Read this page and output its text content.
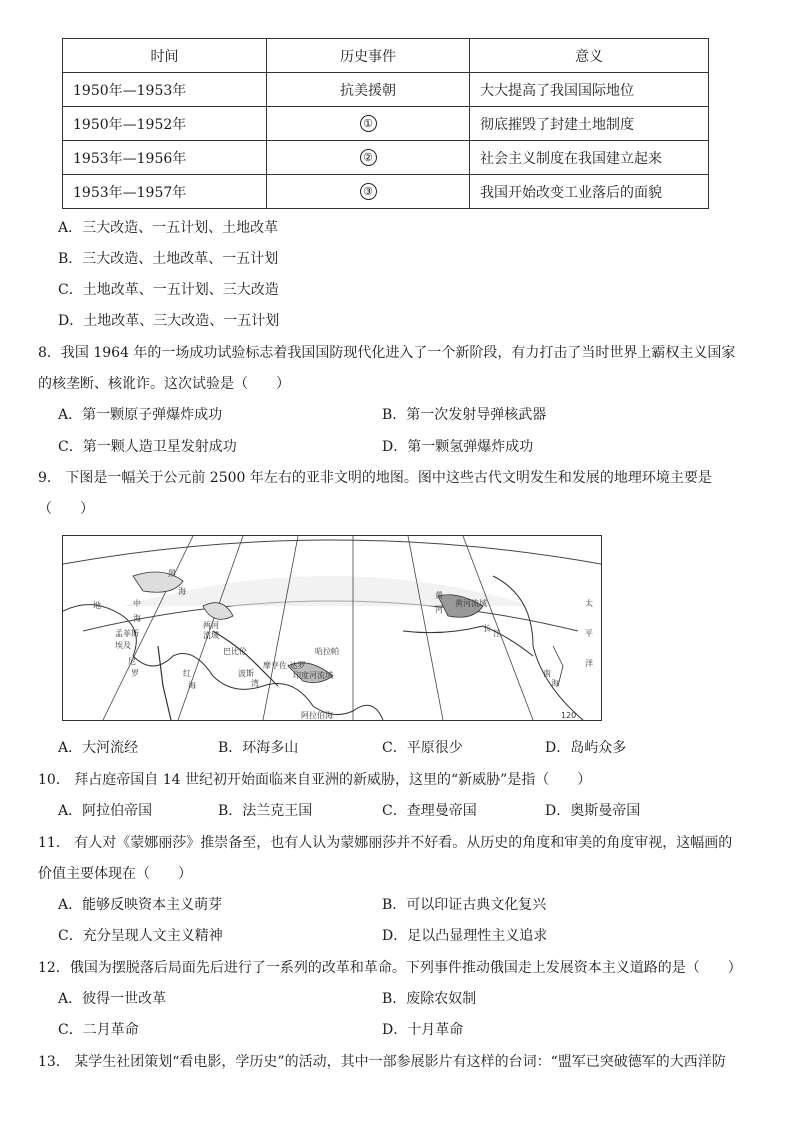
时间	历史事件	意义
1950年—1953年	抗美援朝	大大提高了我国国际地位
1950年—1952年	①	彻底摧毁了封建土地制度
1953年—1956年	②	社会主义制度在我国建立起来
1953年—1957年	③	我国开始改变工业落后的面貌
A．三大改造、一五计划、土地改革
B．三大改造、土地改革、一五计划
C．土地改革、一五计划、三大改造
D．土地改革、三大改造、一五计划
8．我国 1964 年的一场成功试验标志着我国国防现代化进入了一个新阶段，有力打击了当时世界上霸权主义国家
的核垄断、核讹诈。这次试验是（　　）
A．第一颗原子弹爆炸成功	B．第一次发射导弹核武器
C．第一颗人造卫星发射成功	D．第一颗氢弹爆炸成功
9． 下图是一幅关于公元前 2500 年左右的亚非文明的地图。图中这些古代文明发生和发展的地理环境主要是
（　　）
地
黑
海
中
海
孟菲斯
埃及
尼
罗	红
海
两河
流域
巴比伦
波斯
湾
哈拉帕
摩亨佐·达罗
印度河流域
黄河流域
黄
河
长
江
南
海
太
平
洋
阿拉伯海	120
A．大河流经	B．环海多山	C．平原很少	D．岛屿众多
10． 拜占庭帝国自 14 世纪初开始面临来自亚洲的新威胁，这里的“新威胁”是指（　　）
A．阿拉伯帝国	B．法兰克王国	C．查理曼帝国	D．奥斯曼帝国
11． 有人对《蒙娜丽莎》推崇备至，也有人认为蒙娜丽莎并不好看。从历史的角度和审美的角度审视，这幅画的
价值主要体现在（　　）
A．能够反映资本主义萌芽	B．可以印证古典文化复兴
C．充分呈现人文主义精神	D．足以凸显理性主义追求
12．俄国为摆脱落后局面先后进行了一系列的改革和革命。下列事件推动俄国走上发展资本主义道路的是（　　）
A．彼得一世改革	B．废除农奴制
C．二月革命	D．十月革命
13． 某学生社团策划“看电影，学历史”的活动，其中一部参展影片有这样的台词：“盟军已突破德军的大西洋防
